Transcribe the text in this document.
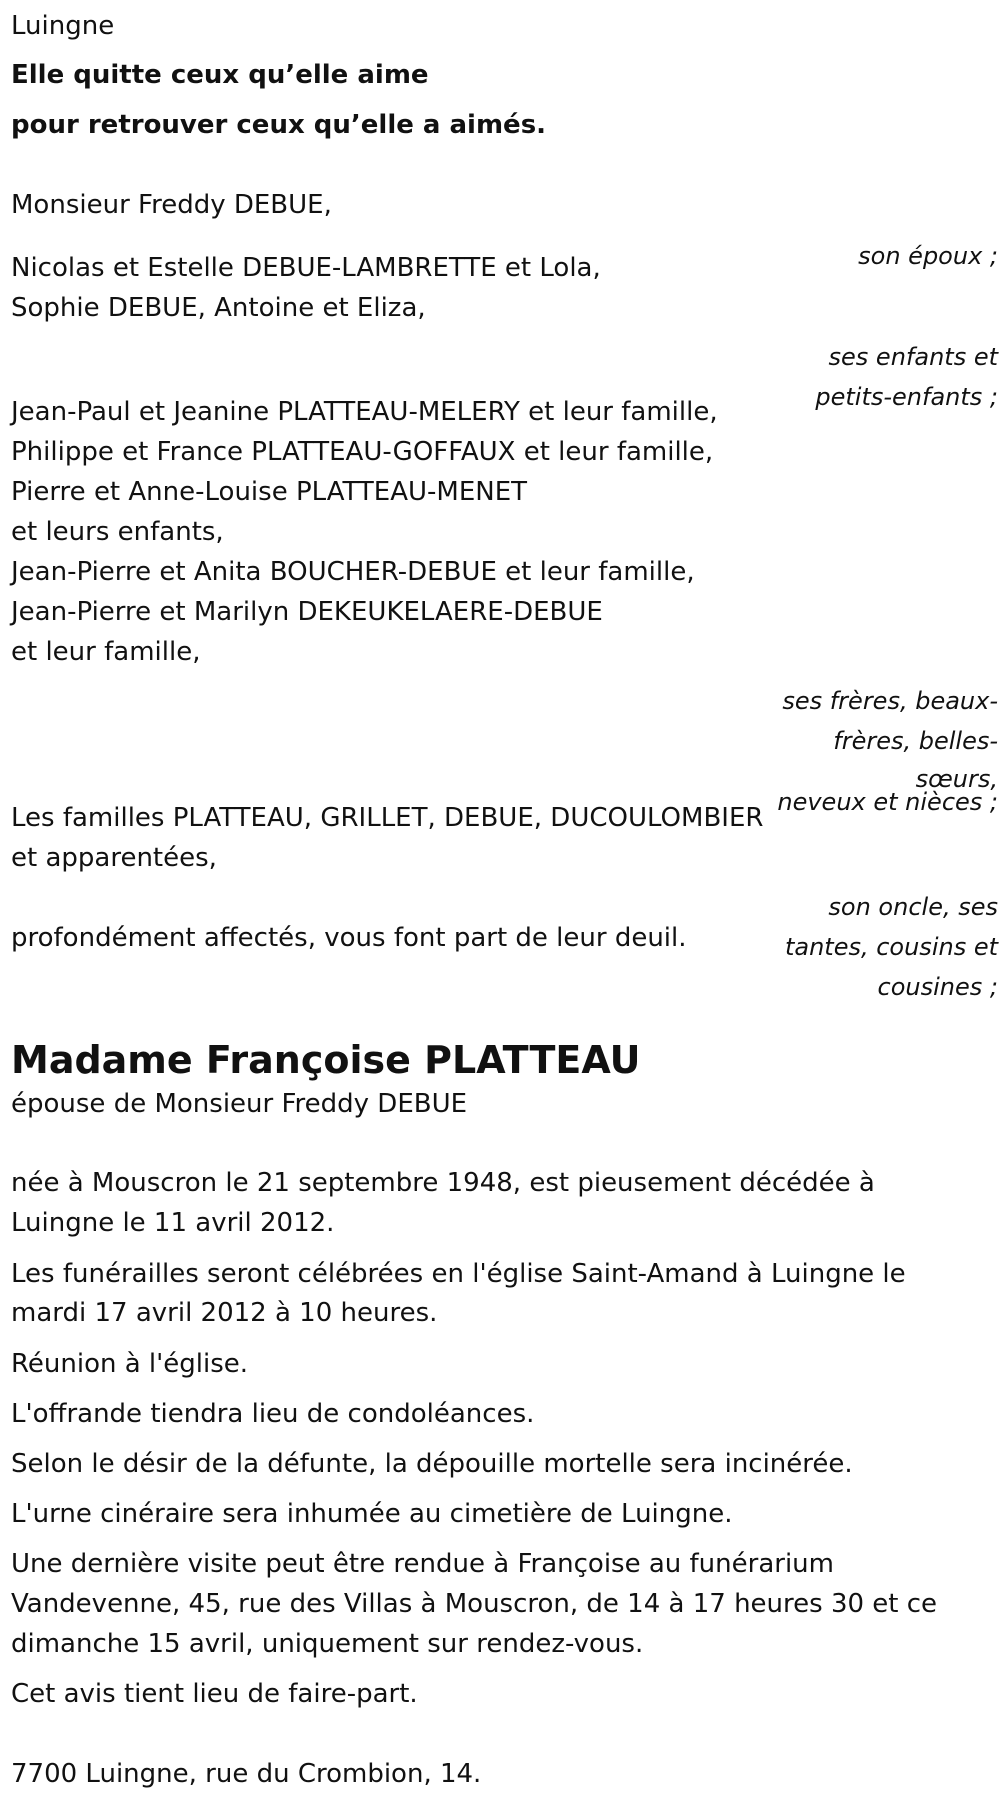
Luingne

Elle quitte ceux qu’elle aime

pour retrouver ceux qu’elle a aimés.

Monsieur Freddy DEBUE,

son époux ;

Nicolas et Estelle DEBUE-LAMBRETTE et Lola,

Sophie DEBUE, Antoine et Eliza,

ses enfants et

petits-enfants ;

Jean-Paul et Jeanine PLATTEAU-MELERY et leur famille,

Philippe et France PLATTEAU-GOFFAUX et leur famille,

Pierre et Anne-Louise PLATTEAU-MENET

et leurs enfants,

Jean-Pierre et Anita BOUCHER-DEBUE et leur famille,

Jean-Pierre et Marilyn DEKEUKELAERE-DEBUE

et leur famille,

ses frères, beaux-

frères, belles-

sœurs,

neveux et nièces ;

Les familles PLATTEAU, GRILLET, DEBUE, DUCOULOMBIER

et apparentées,

son oncle, ses

tantes, cousins et

cousines ;

profondément affectés, vous font part de leur deuil.

Madame Françoise PLATTEAU

épouse de Monsieur Freddy DEBUE

née à Mouscron le 21 septembre 1948, est pieusement décédée à

Luingne le 11 avril 2012.

Les funérailles seront célébrées en l'église Saint-Amand à Luingne le

mardi 17 avril 2012 à 10 heures.

Réunion à l'église.

L'offrande tiendra lieu de condoléances.

Selon le désir de la défunte, la dépouille mortelle sera incinérée.

L'urne cinéraire sera inhumée au cimetière de Luingne.

Une dernière visite peut être rendue à Françoise au funérarium

Vandevenne, 45, rue des Villas à Mouscron, de 14 à 17 heures 30 et ce

dimanche 15 avril, uniquement sur rendez-vous.

Cet avis tient lieu de faire-part.

7700 Luingne, rue du Crombion, 14.
